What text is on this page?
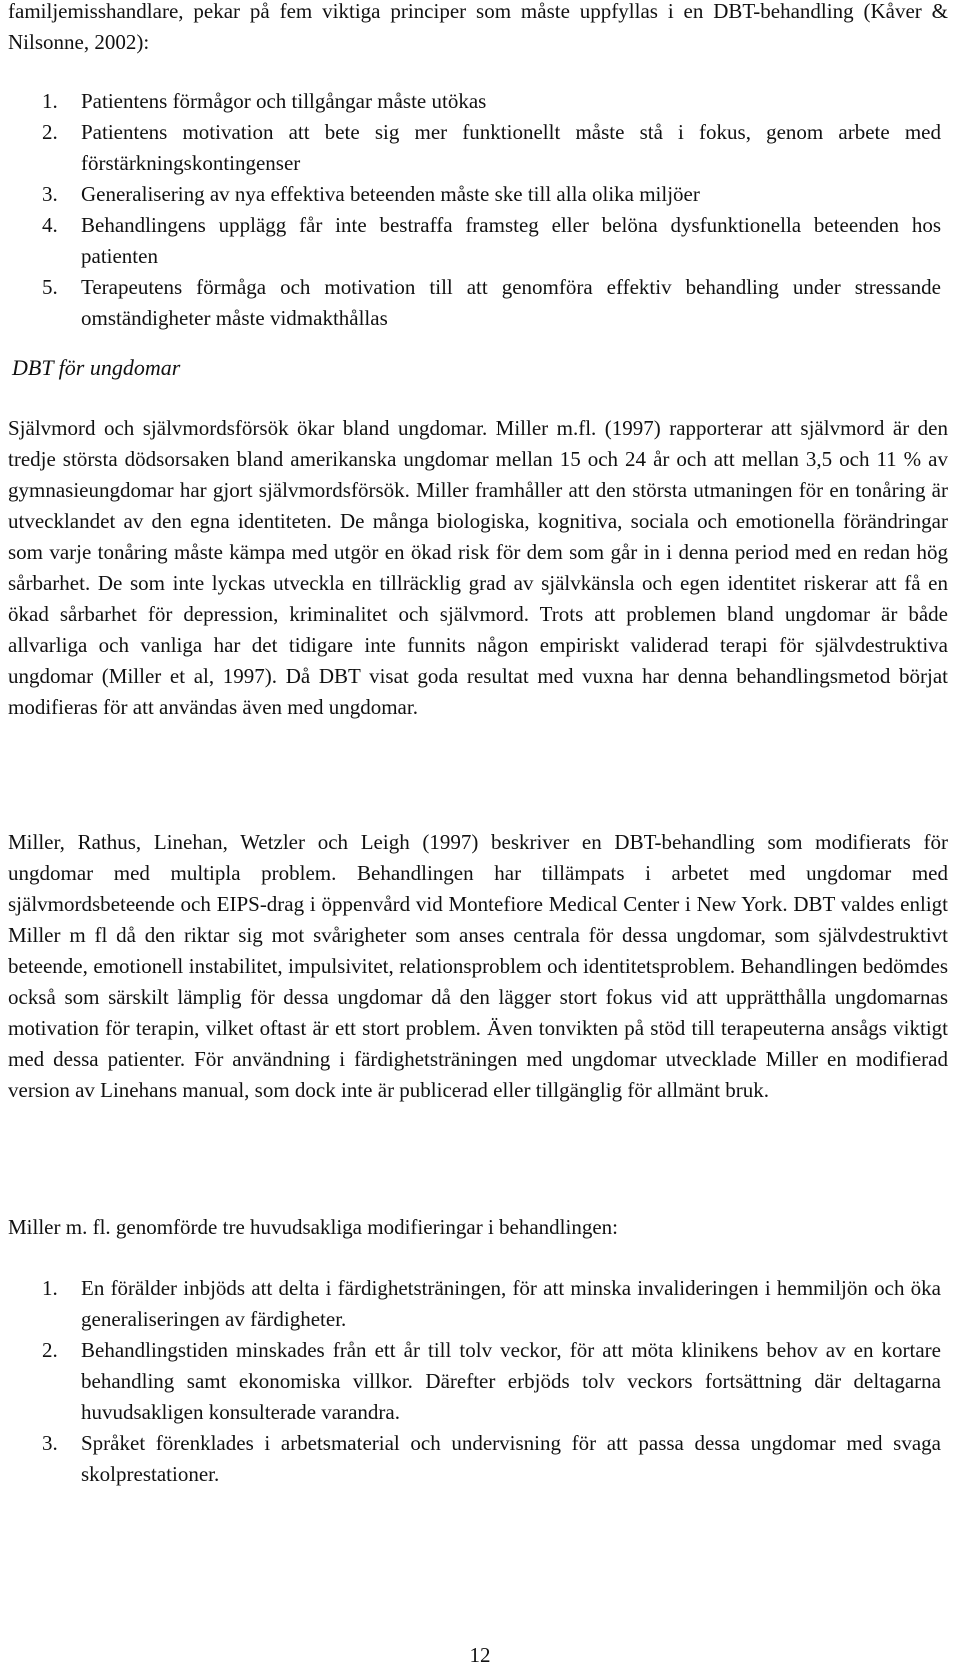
familjemisshandlare, pekar på fem viktiga principer som måste uppfyllas i en DBT-behandling (Kåver & Nilsonne, 2002):

1. Patientens förmågor och tillgångar måste utökas
2. Patientens motivation att bete sig mer funktionellt måste stå i fokus, genom arbete med förstärkningskontingenser
3. Generalisering av nya effektiva beteenden måste ske till alla olika miljöer
4. Behandlingens upplägg får inte bestraffa framsteg eller belöna dysfunktionella beteenden hos patienten
5. Terapeutens förmåga och motivation till att genomföra effektiv behandling under stressande omständigheter måste vidmakthållas
DBT för ungdomar

Självmord och självmordsförsök ökar bland ungdomar. Miller m.fl. (1997) rapporterar att självmord är den tredje största dödsorsaken bland amerikanska ungdomar mellan 15 och 24 år och att mellan 3,5 och 11 % av gymnasieungdomar har gjort självmordsförsök. Miller framhåller att den största utmaningen för en tonåring är utvecklandet av den egna identiteten. De många biologiska, kognitiva, sociala och emotionella förändringar som varje tonåring måste kämpa med utgör en ökad risk för dem som går in i denna period med en redan hög sårbarhet. De som inte lyckas utveckla en tillräcklig grad av självkänsla och egen identitet riskerar att få en ökad sårbarhet för depression, kriminalitet och självmord. Trots att problemen bland ungdomar är både allvarliga och vanliga har det tidigare inte funnits någon empiriskt validerad terapi för självdestruktiva ungdomar (Miller et al, 1997). Då DBT visat goda resultat med vuxna har denna behandlingsmetod börjat modifieras för att användas även med ungdomar.

Miller, Rathus, Linehan, Wetzler och Leigh (1997) beskriver en DBT-behandling som modifierats för ungdomar med multipla problem. Behandlingen har tillämpats i arbetet med ungdomar med självmordsbeteende och EIPS-drag i öppenvård vid Montefiore Medical Center i New York. DBT valdes enligt Miller m fl då den riktar sig mot svårigheter som anses centrala för dessa ungdomar, som självdestruktivt beteende, emotionell instabilitet, impulsivitet, relationsproblem och identitetsproblem. Behandlingen bedömdes också som särskilt lämplig för dessa ungdomar då den lägger stort fokus vid att upprätthålla ungdomarnas motivation för terapin, vilket oftast är ett stort problem. Även tonvikten på stöd till terapeuterna ansågs viktigt med dessa patienter. För användning i färdighetsträningen med ungdomar utvecklade Miller en modifierad version av Linehans manual, som dock inte är publicerad eller tillgänglig för allmänt bruk.

Miller m. fl. genomförde tre huvudsakliga modifieringar i behandlingen:

1. En förälder inbjöds att delta i färdighetsträningen, för att minska invalideringen i hemmiljön och öka generaliseringen av färdigheter.
2. Behandlingstiden minskades från ett år till tolv veckor, för att möta klinikens behov av en kortare behandling samt ekonomiska villkor. Därefter erbjöds tolv veckors fortsättning där deltagarna huvudsakligen konsulterade varandra.
3. Språket förenklades i arbetsmaterial och undervisning för att passa dessa ungdomar med svaga skolprestationer.
12
